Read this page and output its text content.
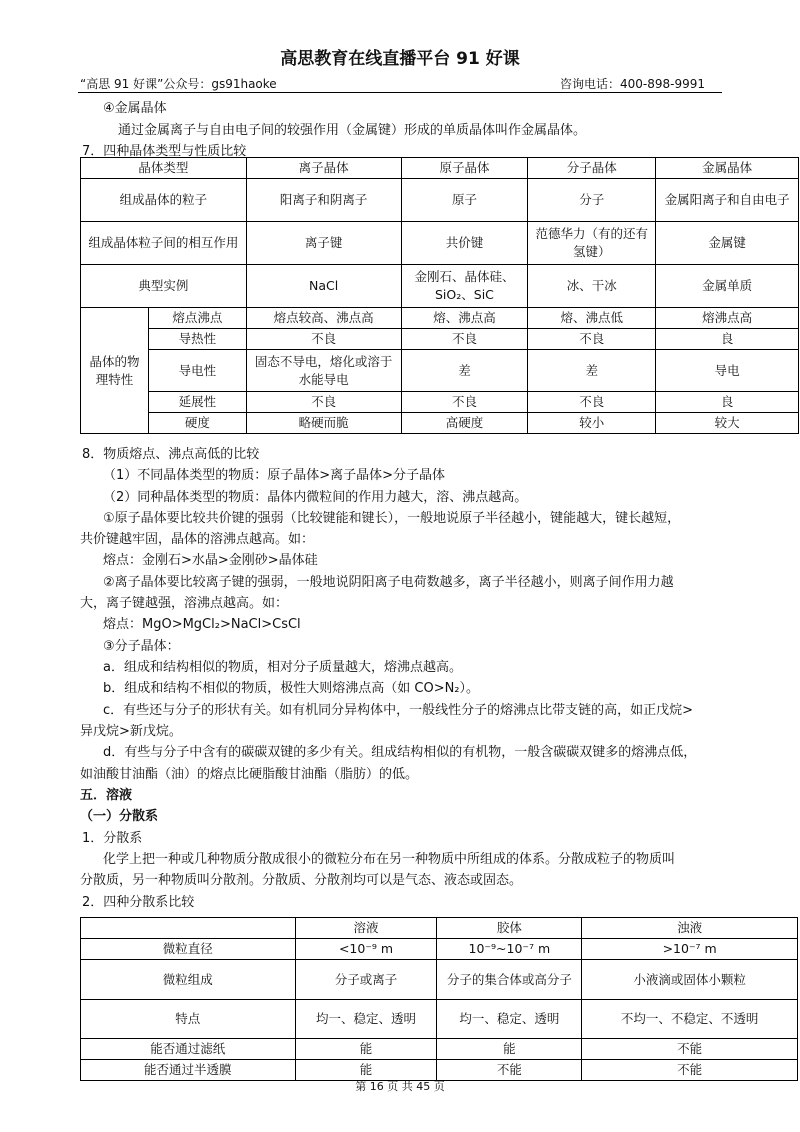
高思教育在线直播平台 91 好课
“高思 91 好课”公众号：gs91haoke	咨询电话：400-898-9991
④金属晶体
通过金属离子与自由电子间的较强作用（金属键）形成的单质晶体叫作金属晶体。
7．四种晶体类型与性质比较
晶体类型		离子晶体	原子晶体	分子晶体	金属晶体
组成晶体的粒子		阳离子和阴离子	原子	分子	金属阳离子和自由电子
组成晶体粒子间的相互作用		离子键	共价键	范德华力（有的还有氢键）	金属键
典型实例		NaCl	金刚石、晶体硅、SiO₂、SiC	冰、干冰	金属单质
晶体的物理特性	熔点沸点	熔点较高、沸点高	熔、沸点高	熔、沸点低	熔沸点高
	导热性	不良	不良	不良	良
	导电性	固态不导电，熔化或溶于水能导电	差	差	导电
	延展性	不良	不良	不良	良
	硬度	略硬而脆	高硬度	较小	较大
8．物质熔点、沸点高低的比较
（1）不同晶体类型的物质：原子晶体>离子晶体>分子晶体
（2）同种晶体类型的物质：晶体内微粒间的作用力越大，溶、沸点越高。
①原子晶体要比较共价键的强弱（比较键能和键长），一般地说原子半径越小，键能越大，键长越短，
共价键越牢固，晶体的溶沸点越高。如：
熔点：金刚石>水晶>金刚砂>晶体硅
②离子晶体要比较离子键的强弱，一般地说阴阳离子电荷数越多，离子半径越小，则离子间作用力越
大，离子键越强，溶沸点越高。如：
熔点：MgO>MgCl₂>NaCl>CsCl
③分子晶体：
a．组成和结构相似的物质，相对分子质量越大，熔沸点越高。
b．组成和结构不相似的物质，极性大则熔沸点高（如 CO>N₂）。
c．有些还与分子的形状有关。如有机同分异构体中，一般线性分子的熔沸点比带支链的高，如正戊烷>
异戊烷>新戊烷。
d．有些与分子中含有的碳碳双键的多少有关。组成结构相似的有机物，一般含碳碳双键多的熔沸点低，
如油酸甘油酯（油）的熔点比硬脂酸甘油酯（脂肪）的低。
五．溶液
（一）分散系
1．分散系
化学上把一种或几种物质分散成很小的微粒分布在另一种物质中所组成的体系。分散成粒子的物质叫
分散质，另一种物质叫分散剂。分散质、分散剂均可以是气态、液态或固态。
2．四种分散系比较
	溶液	胶体	浊液
微粒直径	<10⁻⁹ m	10⁻⁹~10⁻⁷ m	>10⁻⁷ m
微粒组成	分子或离子	分子的集合体或高分子	小液滴或固体小颗粒
特点	均一、稳定、透明	均一、稳定、透明	不均一、不稳定、不透明
能否通过滤纸	能	能	不能
能否通过半透膜	能	不能	不能
第 16 页 共 45 页
